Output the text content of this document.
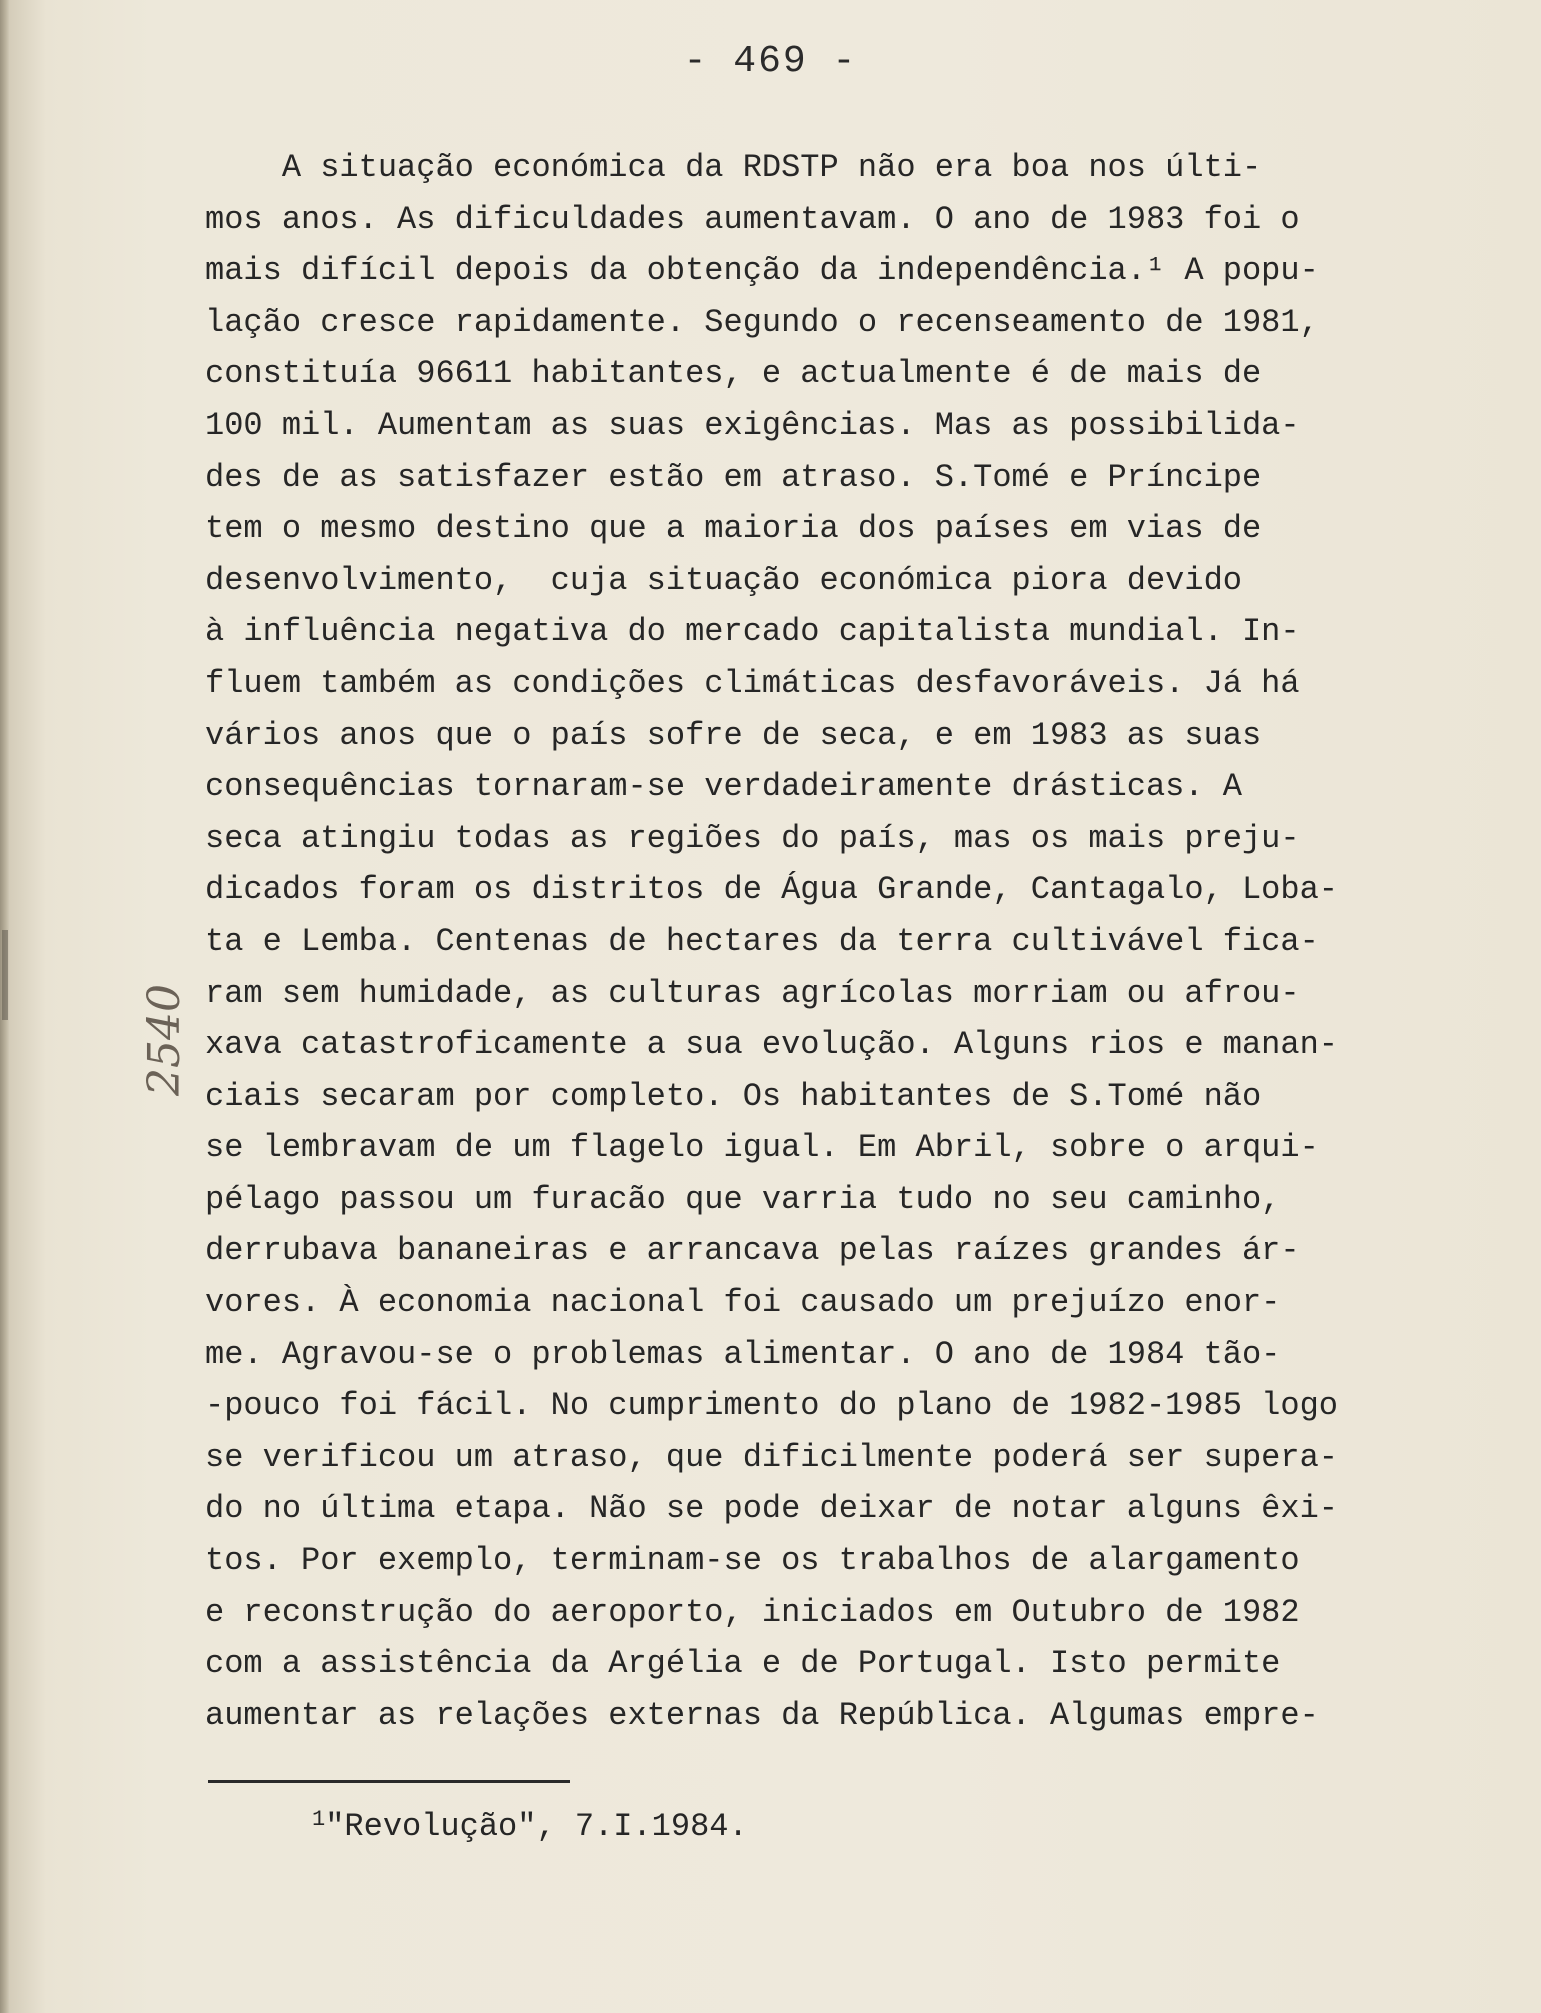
- 469 -
2540
A situação económica da RDSTP não era boa nos últi-
mos anos. As dificuldades aumentavam. O ano de 1983 foi o
mais difícil depois da obtenção da independência.¹ A popu-
lação cresce rapidamente. Segundo o recenseamento de 1981,
constituía 96611 habitantes, e actualmente é de mais de
100 mil. Aumentam as suas exigências. Mas as possibilida-
des de as satisfazer estão em atraso. S.Tomé e Príncipe
tem o mesmo destino que a maioria dos países em vias de
desenvolvimento,  cuja situação económica piora devido
à influência negativa do mercado capitalista mundial. In-
fluem também as condições climáticas desfavoráveis. Já há
vários anos que o país sofre de seca, e em 1983 as suas
consequências tornaram-se verdadeiramente drásticas. A
seca atingiu todas as regiões do país, mas os mais preju-
dicados foram os distritos de Água Grande, Cantagalo, Loba-
ta e Lemba. Centenas de hectares da terra cultivável fica-
ram sem humidade, as culturas agrícolas morriam ou afrou-
xava catastroficamente a sua evolução. Alguns rios e manan-
ciais secaram por completo. Os habitantes de S.Tomé não
se lembravam de um flagelo igual. Em Abril, sobre o arqui-
pélago passou um furacão que varria tudo no seu caminho,
derrubava bananeiras e arrancava pelas raízes grandes ár-
vores. À economia nacional foi causado um prejuízo enor-
me. Agravou-se o problemas alimentar. O ano de 1984 tão-
-pouco foi fácil. No cumprimento do plano de 1982-1985 logo
se verificou um atraso, que dificilmente poderá ser supera-
do no última etapa. Não se pode deixar de notar alguns êxi-
tos. Por exemplo, terminam-se os trabalhos de alargamento
e reconstrução do aeroporto, iniciados em Outubro de 1982
com a assistência da Argélia e de Portugal. Isto permite
aumentar as relações externas da República. Algumas empre-
$^1$"Revolução", 7.I.1984.
